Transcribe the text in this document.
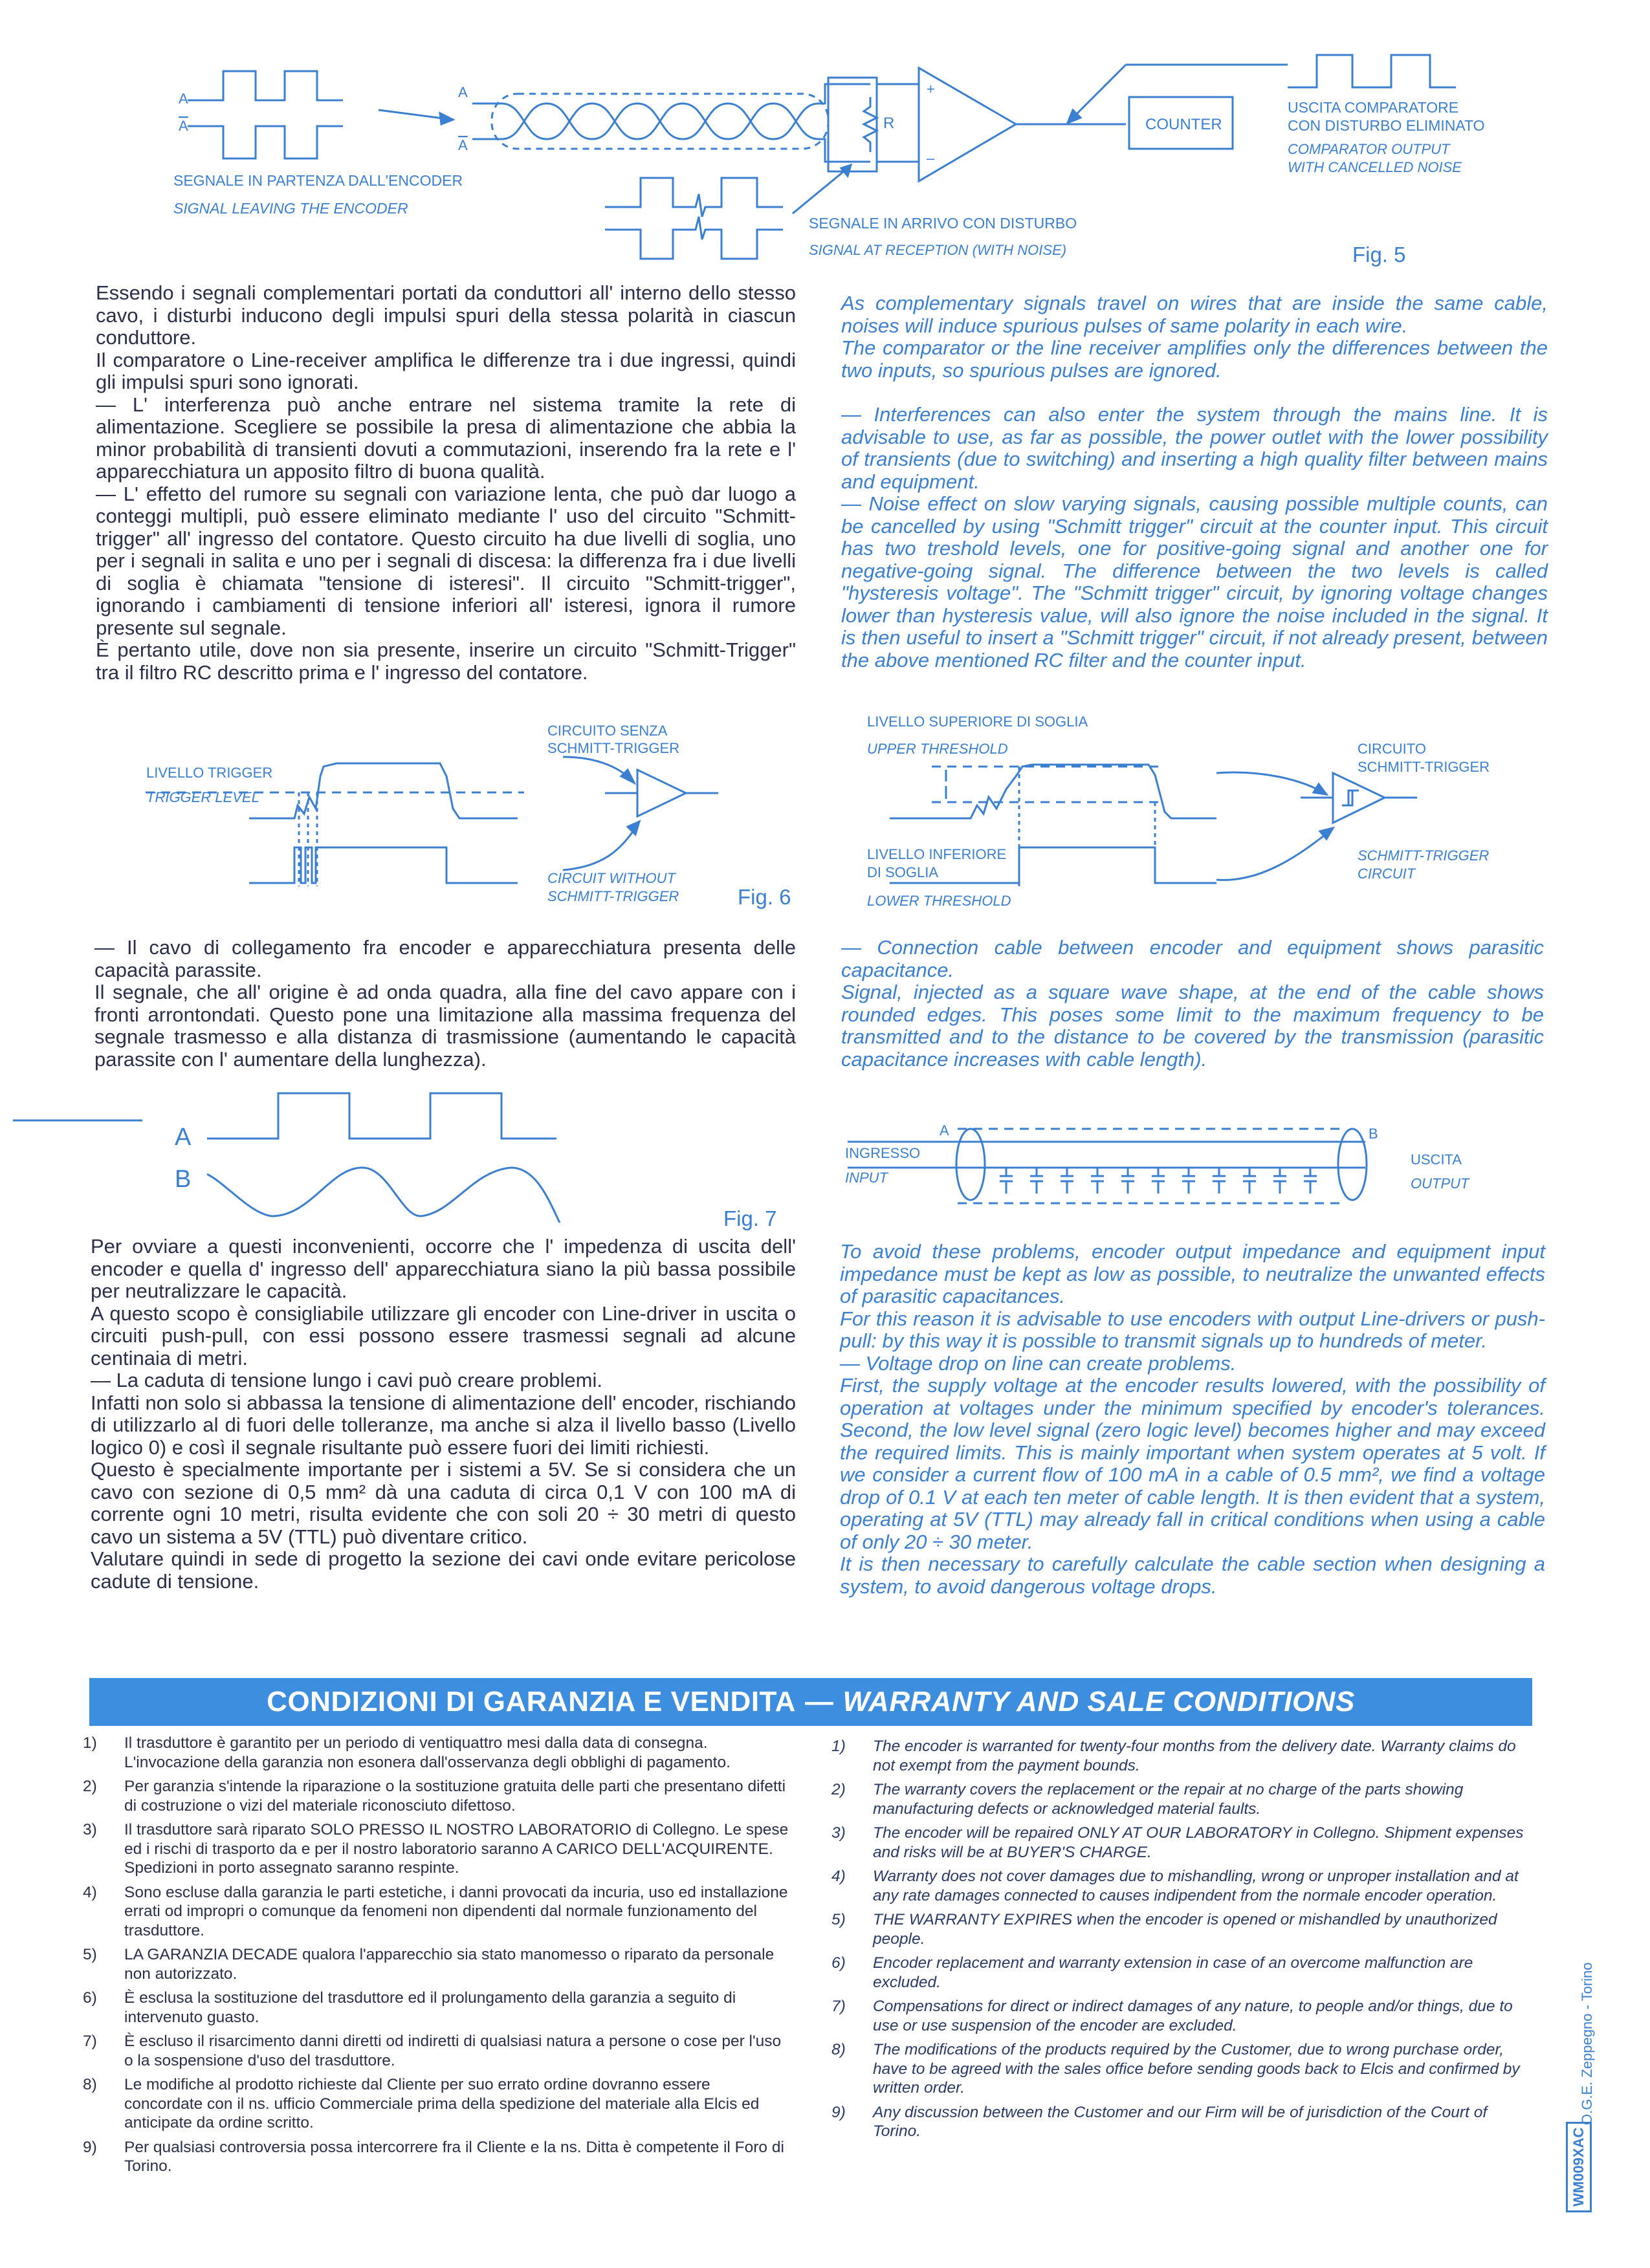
A
A
A
A
R
+
–
COUNTER
SEGNALE IN PARTENZA DALL'ENCODER
SIGNAL LEAVING THE ENCODER
SEGNALE IN ARRIVO CON DISTURBO
SIGNAL AT RECEPTION (WITH NOISE)
USCITA COMPARATORE
CON DISTURBO ELIMINATO
COMPARATOR OUTPUT
WITH CANCELLED NOISE
Fig. 5

Essendo i segnali complementari portati da conduttori all' interno dello stesso cavo, i disturbi inducono degli impulsi spuri della stessa polarità in ciascun conduttore.

Il comparatore o Line-receiver amplifica le differenze tra i due ingressi, quindi gli impulsi spuri sono ignorati.

— L' interferenza può anche entrare nel sistema tramite la rete di alimentazione. Scegliere se possibile la presa di alimentazione che abbia la minor probabilità di transienti dovuti a commutazioni, inserendo fra la rete e l' apparecchiatura un apposito filtro di buona qualità.

— L' effetto del rumore su segnali con variazione lenta, che può dar luogo a conteggi multipli, può essere eliminato mediante l' uso del circuito "Schmitt-trigger" all' ingresso del contatore. Questo circuito ha due livelli di soglia, uno per i segnali in salita e uno per i segnali di discesa: la differenza fra i due livelli di soglia è chiamata "tensione di isteresi". Il circuito "Schmitt-trigger", ignorando i cambiamenti di tensione inferiori all' isteresi, ignora il rumore presente sul segnale.

È pertanto utile, dove non sia presente, inserire un circuito "Schmitt-Trigger" tra il filtro RC descritto prima e l' ingresso del contatore.

As complementary signals travel on wires that are inside the same cable, noises will induce spurious pulses of same polarity in each wire.

The comparator or the line receiver amplifies only the differences between the two inputs, so spurious pulses are ignored.

— Interferences can also enter the system through the mains line. It is advisable to use, as far as possible, the power outlet with the lower possibility of transients (due to switching) and inserting a high quality filter between mains and equipment.

— Noise effect on slow varying signals, causing possible multiple counts, can be cancelled by using "Schmitt trigger" circuit at the counter input. This circuit has two treshold levels, one for positive-going signal and another one for negative-going signal. The difference between the two levels is called "hysteresis voltage". The "Schmitt trigger" circuit, by ignoring voltage changes lower than hysteresis value, will also ignore the noise included in the signal. It is then useful to insert a "Schmitt trigger" circuit, if not already present, between the above mentioned RC filter and the counter input.

LIVELLO TRIGGER
TRIGGER LEVEL
CIRCUITO SENZA
SCHMITT-TRIGGER
CIRCUIT WITHOUT
SCHMITT-TRIGGER	Fig. 6
LIVELLO SUPERIORE DI SOGLIA
UPPER THRESHOLD
LIVELLO INFERIORE
DI SOGLIA
LOWER THRESHOLD
CIRCUITO
SCHMITT-TRIGGER
SCHMITT-TRIGGER
CIRCUIT

— Il cavo di collegamento fra encoder e apparecchiatura presenta delle capacità parassite.

Il segnale, che all' origine è ad onda quadra, alla fine del cavo appare con i fronti arrontondati. Questo pone una limitazione alla massima frequenza del segnale trasmesso e alla distanza di trasmissione (aumentando le capacità parassite con l' aumentare della lunghezza).

— Connection cable between encoder and equipment shows parasitic capacitance.

Signal, injected as a square wave shape, at the end of the cable shows rounded edges. This poses some limit to the maximum frequency to be transmitted and to the distance to be covered by the transmission (parasitic capacitance increases with cable length).

A
B
Fig. 7
A	B
INGRESSO
INPUT
USCITA
OUTPUT

Per ovviare a questi inconvenienti, occorre che l' impedenza di uscita dell' encoder e quella d' ingresso dell' apparecchiatura siano la più bassa possibile per neutralizzare le capacità.

A questo scopo è consigliabile utilizzare gli encoder con Line-driver in uscita o circuiti push-pull, con essi possono essere trasmessi segnali ad alcune centinaia di metri.

— La caduta di tensione lungo i cavi può creare problemi.

Infatti non solo si abbassa la tensione di alimentazione dell' encoder, rischiando di utilizzarlo al di fuori delle tolleranze, ma anche si alza il livello basso (Livello logico 0) e così il segnale risultante può essere fuori dei limiti richiesti.

Questo è specialmente importante per i sistemi a 5V. Se si considera che un cavo con sezione di 0,5 mm² dà una caduta di circa 0,1 V con 100 mA di corrente ogni 10 metri, risulta evidente che con soli 20 ÷ 30 metri di questo cavo un sistema a 5V (TTL) può diventare critico.

Valutare quindi in sede di progetto la sezione dei cavi onde evitare pericolose cadute di tensione.

To avoid these problems, encoder output impedance and equipment input impedance must be kept as low as possible, to neutralize the unwanted effects of parasitic capacitances.

For this reason it is advisable to use encoders with output Line-drivers or push-pull: by this way it is possible to transmit signals up to hundreds of meter.

— Voltage drop on line can create problems.

First, the supply voltage at the encoder results lowered, with the possibility of operation at voltages under the minimum specified by encoder's tolerances. Second, the low level signal (zero logic level) becomes higher and may exceed the required limits. This is mainly important when system operates at 5 volt. If we consider a current flow of 100 mA in a cable of 0.5 mm², we find a voltage drop of 0.1 V at each ten meter of cable length. It is then evident that a system, operating at 5V (TTL) may already fall in critical conditions when using a cable of only 20 ÷ 30 meter.

It is then necessary to carefully calculate the cable section when designing a system, to avoid dangerous voltage drops.

CONDIZIONI DI GARANZIA E VENDITA — WARRANTY AND SALE CONDITIONS
1) Il trasduttore è garantito per un periodo di ventiquattro mesi dalla data di consegna. L'invocazione della garanzia non esonera dall'osservanza degli obblighi di pagamento.
2) Per garanzia s'intende la riparazione o la sostituzione gratuita delle parti che presentano difetti di costruzione o vizi del materiale riconosciuto difettoso.
3) Il trasduttore sarà riparato SOLO PRESSO IL NOSTRO LABORATORIO di Collegno. Le spese ed i rischi di trasporto da e per il nostro laboratorio saranno A CARICO DELL'ACQUIRENTE. Spedizioni in porto assegnato saranno respinte.
4) Sono escluse dalla garanzia le parti estetiche, i danni provocati da incuria, uso ed installazione errati od impropri o comunque da fenomeni non dipendenti dal normale funzionamento del trasduttore.
5) LA GARANZIA DECADE qualora l'apparecchio sia stato manomesso o riparato da personale non autorizzato.
6) È esclusa la sostituzione del trasduttore ed il prolungamento della garanzia a seguito di intervenuto guasto.
7) È escluso il risarcimento danni diretti od indiretti di qualsiasi natura a persone o cose per l'uso o la sospensione d'uso del trasduttore.
8) Le modifiche al prodotto richieste dal Cliente per suo errato ordine dovranno essere concordate con il ns. ufficio Commerciale prima della spedizione del materiale alla Elcis ed anticipate da ordine scritto.
9) Per qualsiasi controversia possa intercorrere fra il Cliente e la ns. Ditta è competente il Foro di Torino.
1) The encoder is warranted for twenty-four months from the delivery date. Warranty claims do not exempt from the payment bounds.
2) The warranty covers the replacement or the repair at no charge of the parts showing manufacturing defects or acknowledged material faults.
3) The encoder will be repaired ONLY AT OUR LABORATORY in Collegno. Shipment expenses and risks will be at BUYER'S CHARGE.
4) Warranty does not cover damages due to mishandling, wrong or unproper installation and at any rate damages connected to causes indipendent from the normale encoder operation.
5) THE WARRANTY EXPIRES when the encoder is opened or mishandled by unauthorized people.
6) Encoder replacement and warranty extension in case of an overcome malfunction are excluded.
7) Compensations for direct or indirect damages of any nature, to people and/or things, due to use or use suspension of the encoder are excluded.
8) The modifications of the products required by the Customer, due to wrong purchase order, have to be agreed with the sales office before sending goods back to Elcis and confirmed by written order.
9) Any discussion between the Customer and our Firm will be of jurisdiction of the Court of Torino.
O.G.E. Zeppegno - Torino
WM009XAC
